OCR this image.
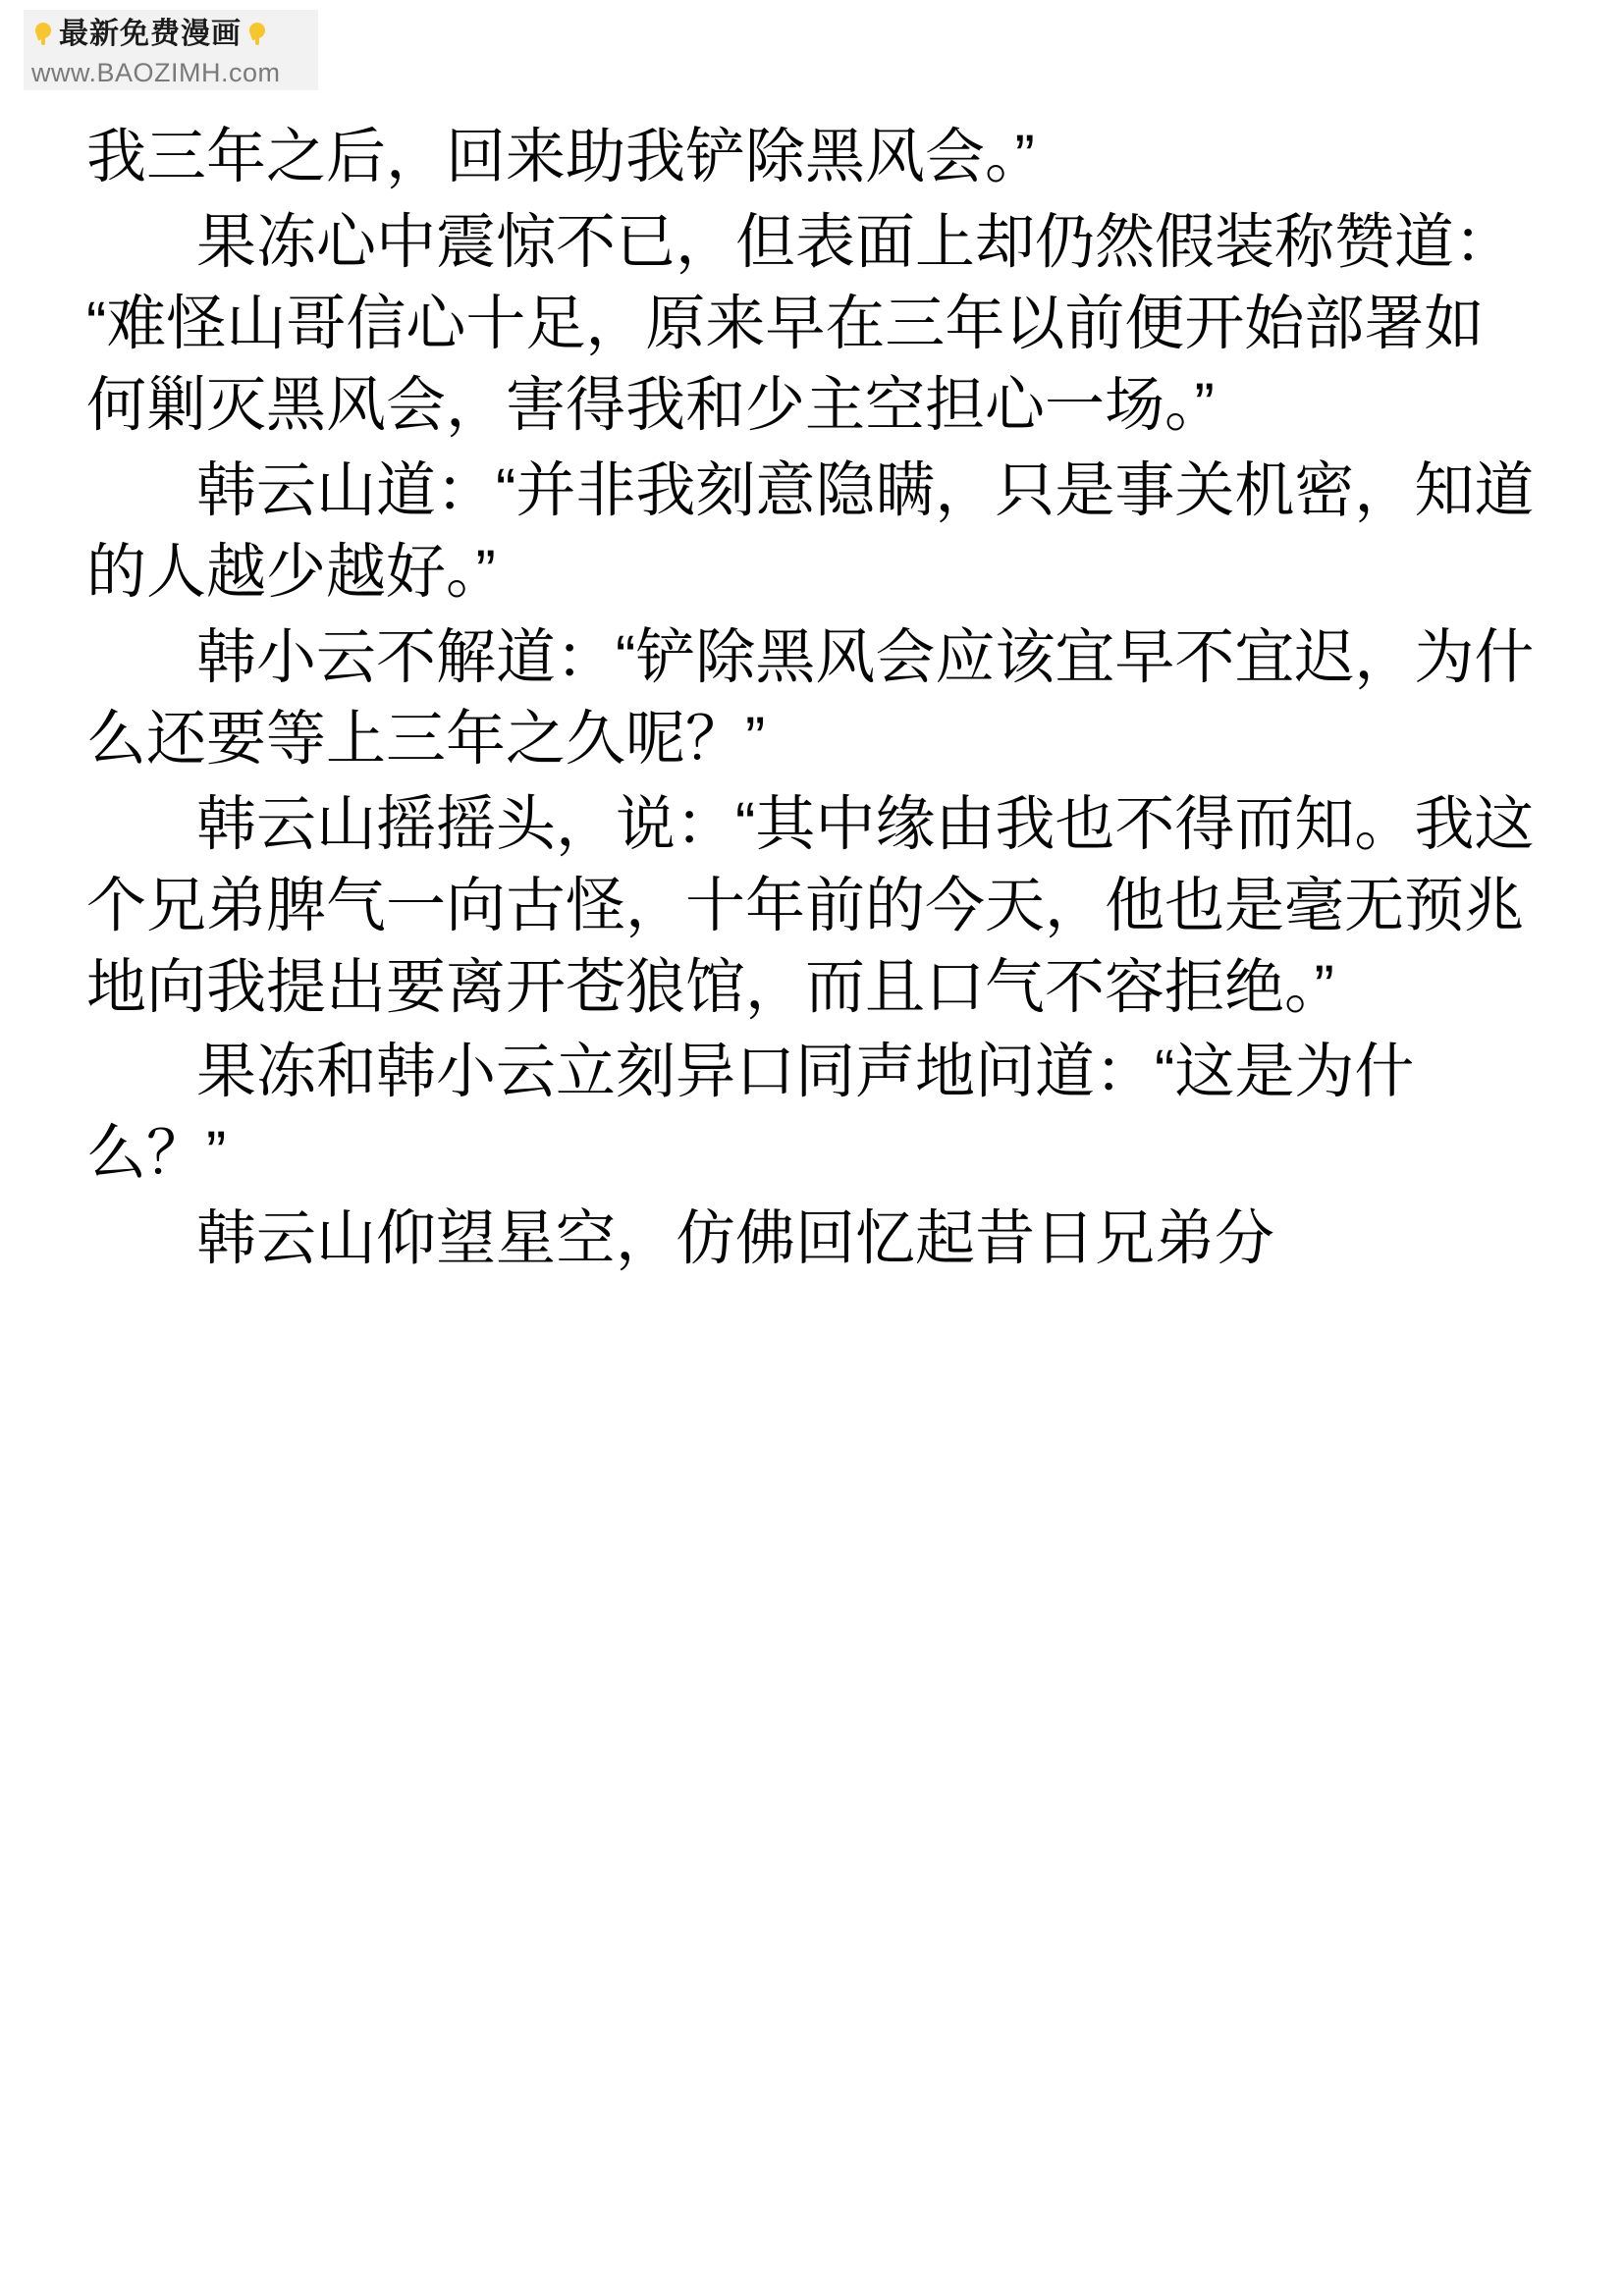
最新免费漫画
www.BAOZIMH.com

我三年之后，回来助我铲除黑风会。”

果冻心中震惊不已，但表面上却仍然假装称赞道：“难怪山哥信心十足，原来早在三年以前便开始部署如何剿灭黑风会，害得我和少主空担心一场。”

韩云山道：“并非我刻意隐瞒，只是事关机密，知道的人越少越好。”

韩小云不解道：“铲除黑风会应该宜早不宜迟，为什么还要等上三年之久呢？”

韩云山摇摇头，说：“其中缘由我也不得而知。我这个兄弟脾气一向古怪，十年前的今天，他也是毫无预兆地向我提出要离开苍狼馆，而且口气不容拒绝。”

果冻和韩小云立刻异口同声地问道：“这是为什么？”

韩云山仰望星空，仿佛回忆起昔日兄弟分
